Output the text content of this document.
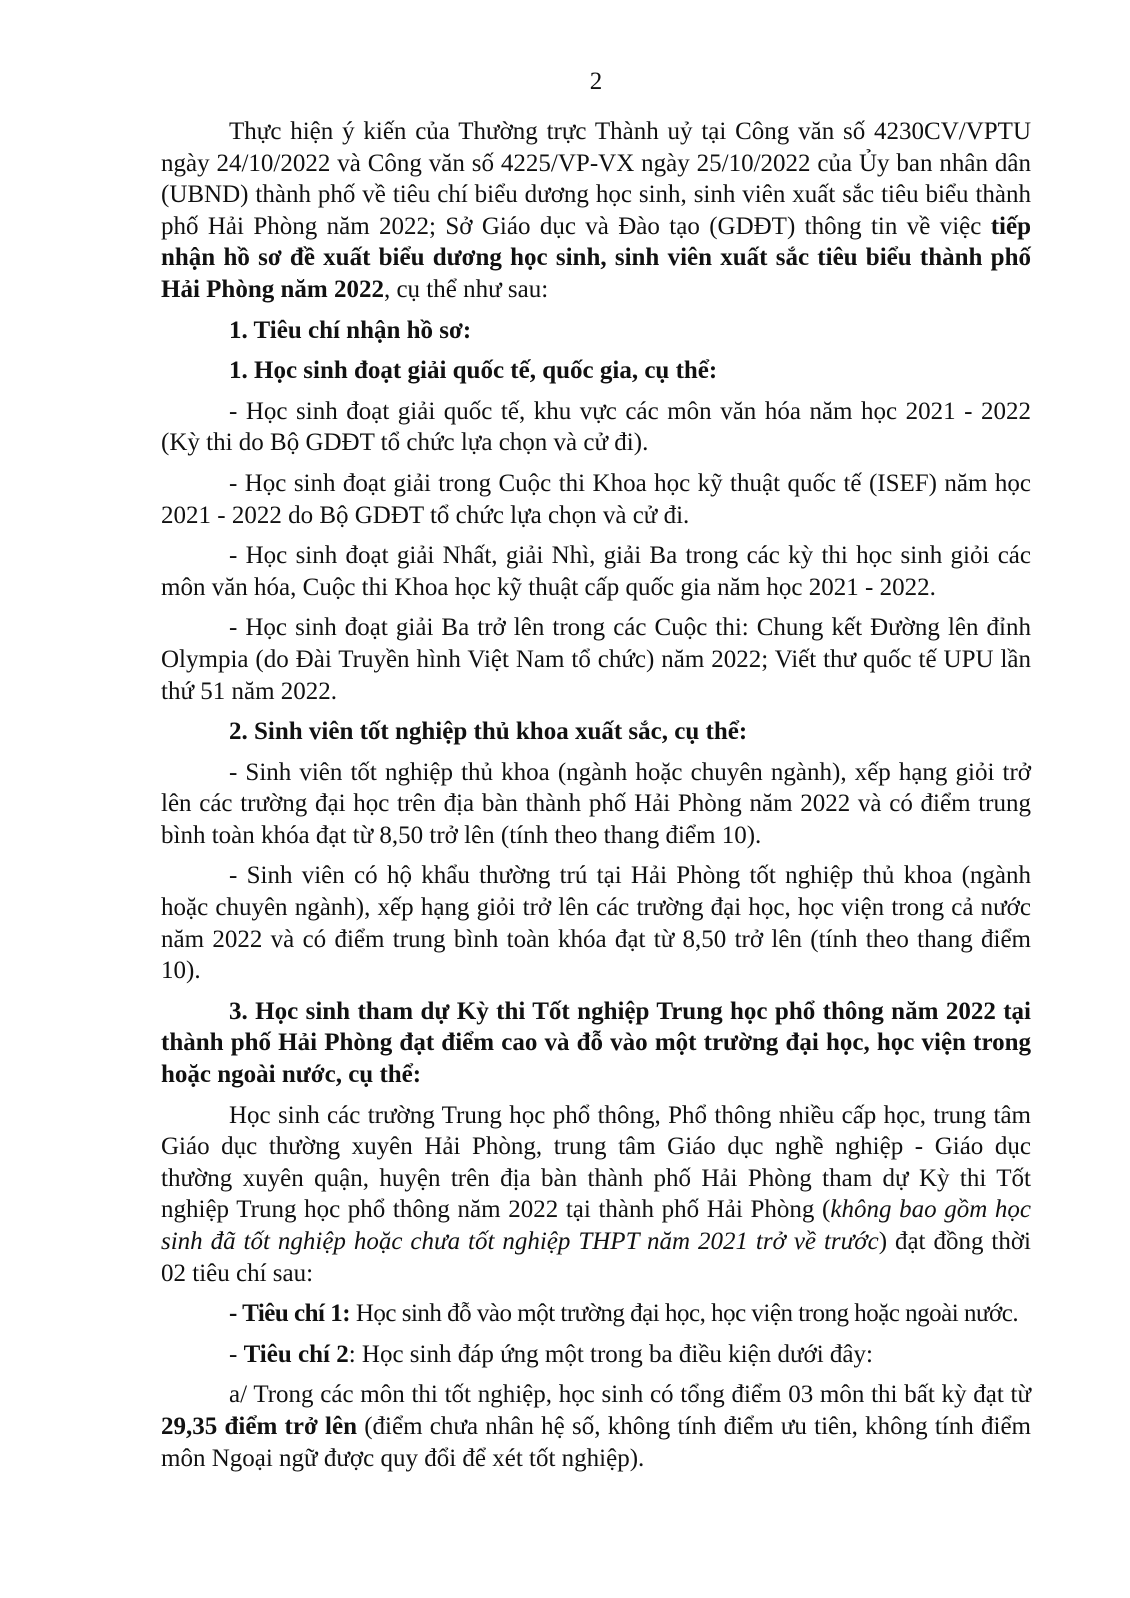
2

Thực hiện ý kiến của Thường trực Thành uỷ tại Công văn số 4230CV/VPTU ngày 24/10/2022 và Công văn số 4225/VP-VX ngày 25/10/2022 của Ủy ban nhân dân (UBND) thành phố về tiêu chí biểu dương học sinh, sinh viên xuất sắc tiêu biểu thành phố Hải Phòng năm 2022; Sở Giáo dục và Đào tạo (GDĐT) thông tin về việc tiếp nhận hồ sơ đề xuất biểu dương học sinh, sinh viên xuất sắc tiêu biểu thành phố Hải Phòng năm 2022, cụ thể như sau:

1. Tiêu chí nhận hồ sơ:

1. Học sinh đoạt giải quốc tế, quốc gia, cụ thể:

- Học sinh đoạt giải quốc tế, khu vực các môn văn hóa năm học 2021 - 2022 (Kỳ thi do Bộ GDĐT tổ chức lựa chọn và cử đi).

- Học sinh đoạt giải trong Cuộc thi Khoa học kỹ thuật quốc tế (ISEF) năm học 2021 - 2022 do Bộ GDĐT tổ chức lựa chọn và cử đi.

- Học sinh đoạt giải Nhất, giải Nhì, giải Ba trong các kỳ thi học sinh giỏi các môn văn hóa, Cuộc thi Khoa học kỹ thuật cấp quốc gia năm học 2021 - 2022.

- Học sinh đoạt giải Ba trở lên trong các Cuộc thi: Chung kết Đường lên đỉnh Olympia (do Đài Truyền hình Việt Nam tổ chức) năm 2022; Viết thư quốc tế UPU lần thứ 51 năm 2022.

2. Sinh viên tốt nghiệp thủ khoa xuất sắc, cụ thể:

- Sinh viên tốt nghiệp thủ khoa (ngành hoặc chuyên ngành), xếp hạng giỏi trở lên các trường đại học trên địa bàn thành phố Hải Phòng năm 2022 và có điểm trung bình toàn khóa đạt từ 8,50 trở lên (tính theo thang điểm 10).

- Sinh viên có hộ khẩu thường trú tại Hải Phòng tốt nghiệp thủ khoa (ngành hoặc chuyên ngành), xếp hạng giỏi trở lên các trường đại học, học viện trong cả nước năm 2022 và có điểm trung bình toàn khóa đạt từ 8,50 trở lên (tính theo thang điểm 10).

3. Học sinh tham dự Kỳ thi Tốt nghiệp Trung học phổ thông năm 2022 tại thành phố Hải Phòng đạt điểm cao và đỗ vào một trường đại học, học viện trong hoặc ngoài nước, cụ thể:

Học sinh các trường Trung học phổ thông, Phổ thông nhiều cấp học, trung tâm Giáo dục thường xuyên Hải Phòng, trung tâm Giáo dục nghề nghiệp - Giáo dục thường xuyên quận, huyện trên địa bàn thành phố Hải Phòng tham dự Kỳ thi Tốt nghiệp Trung học phổ thông năm 2022 tại thành phố Hải Phòng (không bao gồm học sinh đã tốt nghiệp hoặc chưa tốt nghiệp THPT năm 2021 trở về trước) đạt đồng thời 02 tiêu chí sau:

- Tiêu chí 1: Học sinh đỗ vào một trường đại học, học viện trong hoặc ngoài nước.

- Tiêu chí 2: Học sinh đáp ứng một trong ba điều kiện dưới đây:

a/ Trong các môn thi tốt nghiệp, học sinh có tổng điểm 03 môn thi bất kỳ đạt từ 29,35 điểm trở lên (điểm chưa nhân hệ số, không tính điểm ưu tiên, không tính điểm môn Ngoại ngữ được quy đổi để xét tốt nghiệp).
